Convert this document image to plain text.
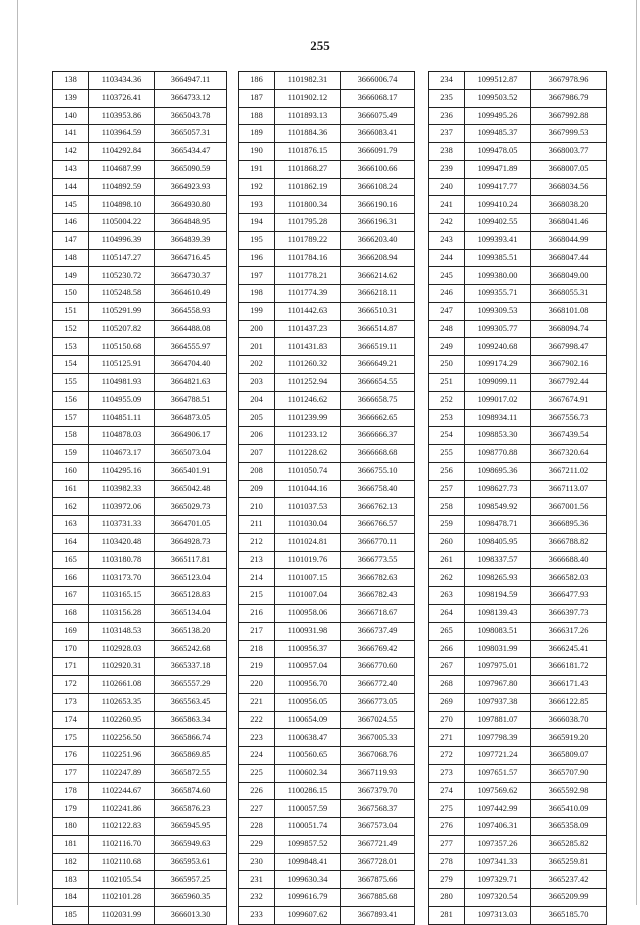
255
138	1103434.36	3664947.11
139	1103726.41	3664733.12
140	1103953.86	3665043.78
141	1103964.59	3665057.31
142	1104292.84	3665434.47
143	1104687.99	3665090.59
144	1104892.59	3664923.93
145	1104898.10	3664930.80
146	1105004.22	3664848.95
147	1104996.39	3664839.39
148	1105147.27	3664716.45
149	1105230.72	3664730.37
150	1105248.58	3664610.49
151	1105291.99	3664558.93
152	1105207.82	3664488.08
153	1105150.68	3664555.97
154	1105125.91	3664704.40
155	1104981.93	3664821.63
156	1104955.09	3664788.51
157	1104851.11	3664873.05
158	1104878.03	3664906.17
159	1104673.17	3665073.04
160	1104295.16	3665401.91
161	1103982.33	3665042.48
162	1103972.06	3665029.73
163	1103731.33	3664701.05
164	1103420.48	3664928.73
165	1103180.78	3665117.81
166	1103173.70	3665123.04
167	1103165.15	3665128.83
168	1103156.28	3665134.04
169	1103148.53	3665138.20
170	1102928.03	3665242.68
171	1102920.31	3665337.18
172	1102661.08	3665557.29
173	1102653.35	3665563.45
174	1102260.95	3665863.34
175	1102256.50	3665866.74
176	1102251.96	3665869.85
177	1102247.89	3665872.55
178	1102244.67	3665874.60
179	1102241.86	3665876.23
180	1102122.83	3665945.95
181	1102116.70	3665949.63
182	1102110.68	3665953.61
183	1102105.54	3665957.25
184	1102101.28	3665960.35
185	1102031.99	3666013.30
186	1101982.31	3666006.74
187	1101902.12	3666068.17
188	1101893.13	3666075.49
189	1101884.36	3666083.41
190	1101876.15	3666091.79
191	1101868.27	3666100.66
192	1101862.19	3666108.24
193	1101800.34	3666190.16
194	1101795.28	3666196.31
195	1101789.22	3666203.40
196	1101784.16	3666208.94
197	1101778.21	3666214.62
198	1101774.39	3666218.11
199	1101442.63	3666510.31
200	1101437.23	3666514.87
201	1101431.83	3666519.11
202	1101260.32	3666649.21
203	1101252.94	3666654.55
204	1101246.62	3666658.75
205	1101239.99	3666662.65
206	1101233.12	3666666.37
207	1101228.62	3666668.68
208	1101050.74	3666755.10
209	1101044.16	3666758.40
210	1101037.53	3666762.13
211	1101030.04	3666766.57
212	1101024.81	3666770.11
213	1101019.76	3666773.55
214	1101007.15	3666782.63
215	1101007.04	3666782.43
216	1100958.06	3666718.67
217	1100931.98	3666737.49
218	1100956.37	3666769.42
219	1100957.04	3666770.60
220	1100956.70	3666772.40
221	1100956.05	3666773.05
222	1100654.09	3667024.55
223	1100638.47	3667005.33
224	1100560.65	3667068.76
225	1100602.34	3667119.93
226	1100286.15	3667379.70
227	1100057.59	3667568.37
228	1100051.74	3667573.04
229	1099857.52	3667721.49
230	1099848.41	3667728.01
231	1099630.34	3667875.66
232	1099616.79	3667885.68
233	1099607.62	3667893.41
234	1099512.87	3667978.96
235	1099503.52	3667986.79
236	1099495.26	3667992.88
237	1099485.37	3667999.53
238	1099478.05	3668003.77
239	1099471.89	3668007.05
240	1099417.77	3668034.56
241	1099410.24	3668038.20
242	1099402.55	3668041.46
243	1099393.41	3668044.99
244	1099385.51	3668047.44
245	1099380.00	3668049.00
246	1099355.71	3668055.31
247	1099309.53	3668101.08
248	1099305.77	3668094.74
249	1099240.68	3667998.47
250	1099174.29	3667902.16
251	1099099.11	3667792.44
252	1099017.02	3667674.91
253	1098934.11	3667556.73
254	1098853.30	3667439.54
255	1098770.88	3667320.64
256	1098695.36	3667211.02
257	1098627.73	3667113.07
258	1098549.92	3667001.56
259	1098478.71	3666895.36
260	1098405.95	3666788.82
261	1098337.57	3666688.40
262	1098265.93	3666582.03
263	1098194.59	3666477.93
264	1098139.43	3666397.73
265	1098083.51	3666317.26
266	1098031.99	3666245.41
267	1097975.01	3666181.72
268	1097967.80	3666171.43
269	1097937.38	3666122.85
270	1097881.07	3666038.70
271	1097798.39	3665919.20
272	1097721.24	3665809.07
273	1097651.57	3665707.90
274	1097569.62	3665592.98
275	1097442.99	3665410.09
276	1097406.31	3665358.09
277	1097357.26	3665285.82
278	1097341.33	3665259.81
279	1097329.71	3665237.42
280	1097320.54	3665209.99
281	1097313.03	3665185.70
